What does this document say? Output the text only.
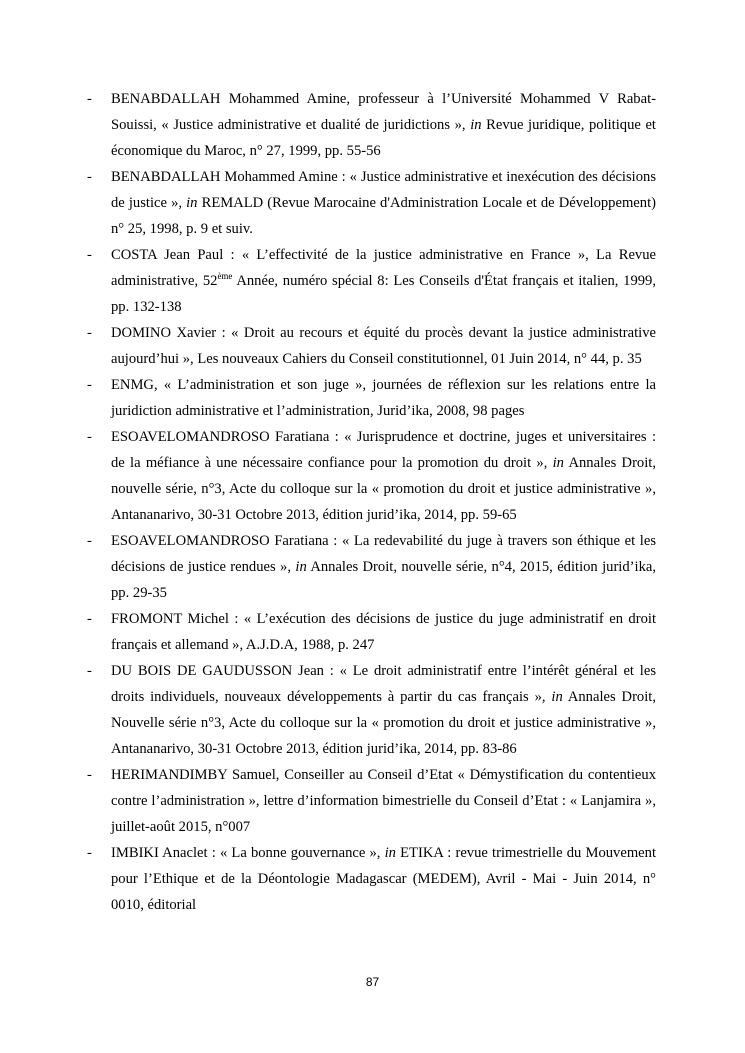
- BENABDALLAH Mohammed Amine, professeur à l’Université Mohammed V Rabat-Souissi, « Justice administrative et dualité de juridictions », in Revue juridique, politique et économique du Maroc, n° 27, 1999, pp. 55-56
- BENABDALLAH Mohammed Amine : « Justice administrative et inexécution des décisions de justice », in REMALD (Revue Marocaine d'Administration Locale et de Développement) n° 25, 1998, p. 9 et suiv.
- COSTA Jean Paul : « L’effectivité de la justice administrative en France », La Revue administrative, 52ème Année, numéro spécial 8: Les Conseils d'État français et italien, 1999, pp. 132-138
- DOMINO Xavier : « Droit au recours et équité du procès devant la justice administrative aujourd’hui », Les nouveaux Cahiers du Conseil constitutionnel, 01 Juin 2014, n° 44, p. 35
- ENMG, « L’administration et son juge », journées de réflexion sur les relations entre la juridiction administrative et l’administration, Jurid’ika, 2008, 98 pages
- ESOAVELOMANDROSO Faratiana : « Jurisprudence et doctrine, juges et universitaires : de la méfiance à une nécessaire confiance pour la promotion du droit », in Annales Droit, nouvelle série, n°3, Acte du colloque sur la « promotion du droit et justice administrative », Antananarivo, 30-31 Octobre 2013, édition jurid’ika, 2014, pp. 59-65
- ESOAVELOMANDROSO Faratiana : « La redevabilité du juge à travers son éthique et les décisions de justice rendues », in Annales Droit, nouvelle série, n°4, 2015, édition jurid’ika, pp. 29-35
- FROMONT Michel : « L’exécution des décisions de justice du juge administratif en droit français et allemand », A.J.D.A, 1988, p. 247
- DU BOIS DE GAUDUSSON Jean : « Le droit administratif entre l’intérêt général et les droits individuels, nouveaux développements à partir du cas français », in Annales Droit, Nouvelle série n°3, Acte du colloque sur la « promotion du droit et justice administrative », Antananarivo, 30-31 Octobre 2013, édition jurid’ika, 2014, pp. 83-86
- HERIMANDIMBY Samuel, Conseiller au Conseil d’Etat « Démystification du contentieux contre l’administration », lettre d’information bimestrielle du Conseil d’Etat : « Lanjamira », juillet-août 2015, n°007
- IMBIKI Anaclet : « La bonne gouvernance », in ETIKA : revue trimestrielle du Mouvement pour l’Ethique et de la Déontologie Madagascar (MEDEM), Avril - Mai - Juin 2014, n° 0010, éditorial
87
